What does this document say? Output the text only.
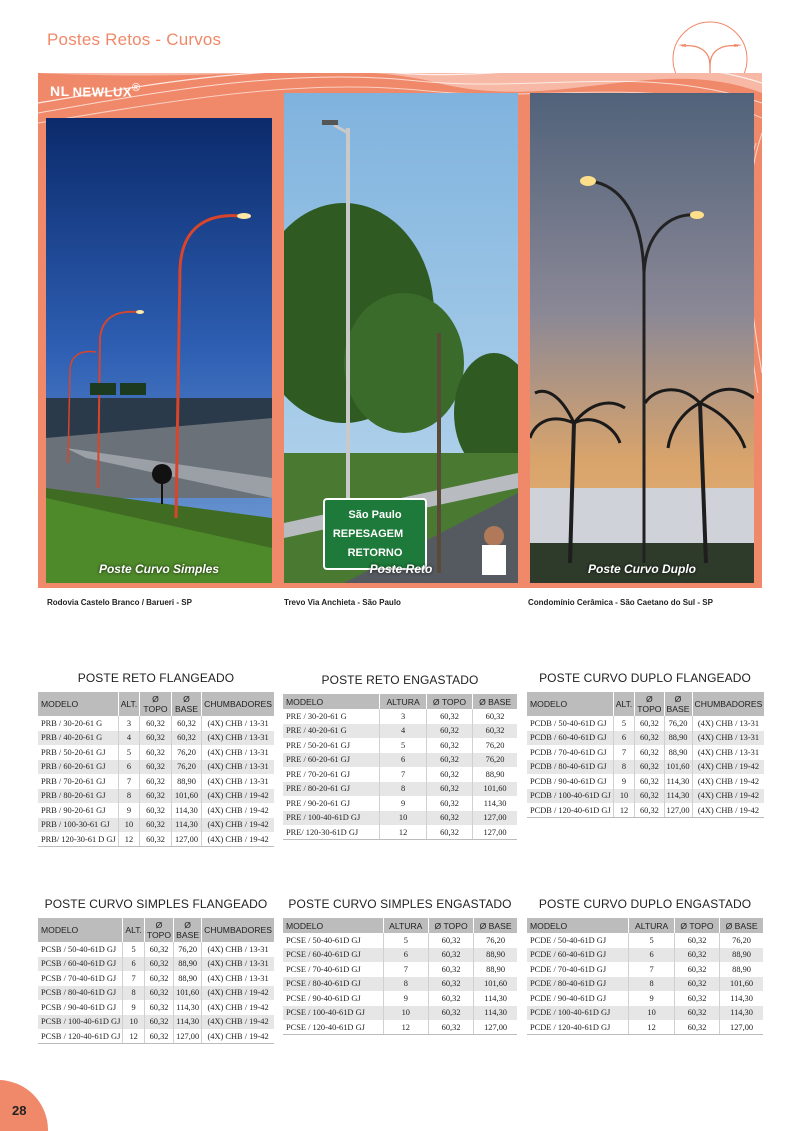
Postes Retos - Curvos
NL NEWLUX®
Poste Curvo Simples
São Paulo
REPESAGEM
RETORNO
Poste Reto	Poste Curvo Duplo
Rodovia Castelo Branco / Barueri - SP	Trevo Via Anchieta - São Paulo	Condomínio Cerâmica - São Caetano do Sul - SP
POSTE RETO FLANGEADO
MODELO	ALT.	Ø TOPO	Ø BASE	CHUMBADORES
PRB / 30-20-61 G	3	60,32	60,32	(4X) CHB / 13-31
PRB / 40-20-61 G	4	60,32	60,32	(4X) CHB / 13-31
PRB / 50-20-61 GJ	5	60,32	76,20	(4X) CHB / 13-31
PRB / 60-20-61 GJ	6	60,32	76,20	(4X) CHB / 13-31
PRB / 70-20-61 GJ	7	60,32	88,90	(4X) CHB / 13-31
PRB / 80-20-61 GJ	8	60,32	101,60	(4X) CHB / 19-42
PRB / 90-20-61 GJ	9	60,32	114,30	(4X) CHB / 19-42
PRB / 100-30-61 GJ	10	60,32	114,30	(4X) CHB / 19-42
PRB/ 120-30-61 D GJ	12	60,32	127,00	(4X) CHB / 19-42
POSTE RETO ENGASTADO
MODELO	ALTURA	Ø TOPO	Ø BASE
PRE / 30-20-61 G	3	60,32	60,32
PRE / 40-20-61 G	4	60,32	60,32
PRE / 50-20-61 GJ	5	60,32	76,20
PRE / 60-20-61 GJ	6	60,32	76,20
PRE / 70-20-61 GJ	7	60,32	88,90
PRE / 80-20-61 GJ	8	60,32	101,60
PRE / 90-20-61 GJ	9	60,32	114,30
PRE / 100-40-61D GJ	10	60,32	127,00
PRE/ 120-30-61D GJ	12	60,32	127,00
POSTE CURVO DUPLO FLANGEADO
MODELO	ALT.	Ø TOPO	Ø BASE	CHUMBADORES
PCDB / 50-40-61D GJ	5	60,32	76,20	(4X) CHB / 13-31
PCDB / 60-40-61D GJ	6	60,32	88,90	(4X) CHB / 13-31
PCDB / 70-40-61D GJ	7	60,32	88,90	(4X) CHB / 13-31
PCDB / 80-40-61D GJ	8	60,32	101,60	(4X) CHB / 19-42
PCDB / 90-40-61D GJ	9	60,32	114,30	(4X) CHB / 19-42
PCDB / 100-40-61D GJ	10	60,32	114,30	(4X) CHB / 19-42
PCDB / 120-40-61D GJ	12	60,32	127,00	(4X) CHB / 19-42
POSTE CURVO SIMPLES FLANGEADO
MODELO	ALT.	Ø TOPO	Ø BASE	CHUMBADORES
PCSB / 50-40-61D GJ	5	60,32	76,20	(4X) CHB / 13-31
PCSB / 60-40-61D GJ	6	60,32	88,90	(4X) CHB / 13-31
PCSB / 70-40-61D GJ	7	60,32	88,90	(4X) CHB / 13-31
PCSB / 80-40-61D GJ	8	60,32	101,60	(4X) CHB / 19-42
PCSB / 90-40-61D GJ	9	60,32	114,30	(4X) CHB / 19-42
PCSB / 100-40-61D GJ	10	60,32	114,30	(4X) CHB / 19-42
PCSB / 120-40-61D GJ	12	60,32	127,00	(4X) CHB / 19-42
POSTE CURVO SIMPLES ENGASTADO
MODELO	ALTURA	Ø TOPO	Ø BASE
PCSE / 50-40-61D GJ	5	60,32	76,20
PCSE / 60-40-61D GJ	6	60,32	88,90
PCSE / 70-40-61D GJ	7	60,32	88,90
PCSE / 80-40-61D GJ	8	60,32	101,60
PCSE / 90-40-61D GJ	9	60,32	114,30
PCSE / 100-40-61D GJ	10	60,32	114,30
PCSE / 120-40-61D GJ	12	60,32	127,00
POSTE CURVO DUPLO ENGASTADO
MODELO	ALTURA	Ø TOPO	Ø BASE
PCDE / 50-40-61D GJ	5	60,32	76,20
PCDE / 60-40-61D GJ	6	60,32	88,90
PCDE / 70-40-61D GJ	7	60,32	88,90
PCDE / 80-40-61D GJ	8	60,32	101,60
PCDE / 90-40-61D GJ	9	60,32	114,30
PCDE / 100-40-61D GJ	10	60,32	114,30
PCDE / 120-40-61D GJ	12	60,32	127,00
28
